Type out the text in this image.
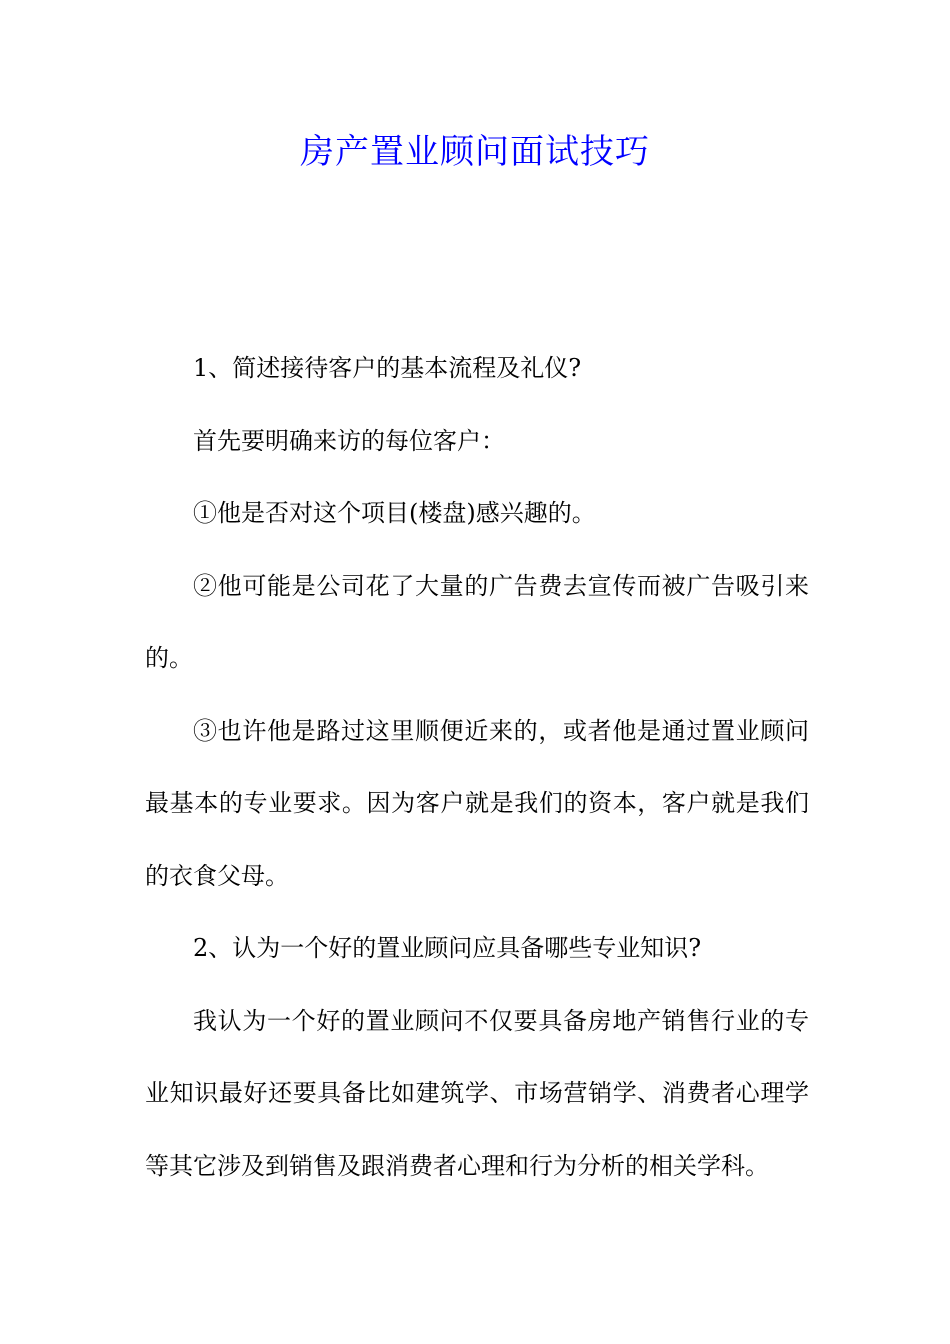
房产置业顾问面试技巧

1、简述接待客户的基本流程及礼仪?

首先要明确来访的每位客户：

①他是否对这个项目(楼盘)感兴趣的。

②他可能是公司花了大量的广告费去宣传而被广告吸引来的。

③也许他是路过这里顺便近来的，或者他是通过置业顾问最基本的专业要求。因为客户就是我们的资本，客户就是我们的衣食父母。

2、认为一个好的置业顾问应具备哪些专业知识?

我认为一个好的置业顾问不仅要具备房地产销售行业的专业知识最好还要具备比如建筑学、市场营销学、消费者心理学等其它涉及到销售及跟消费者心理和行为分析的相关学科。
